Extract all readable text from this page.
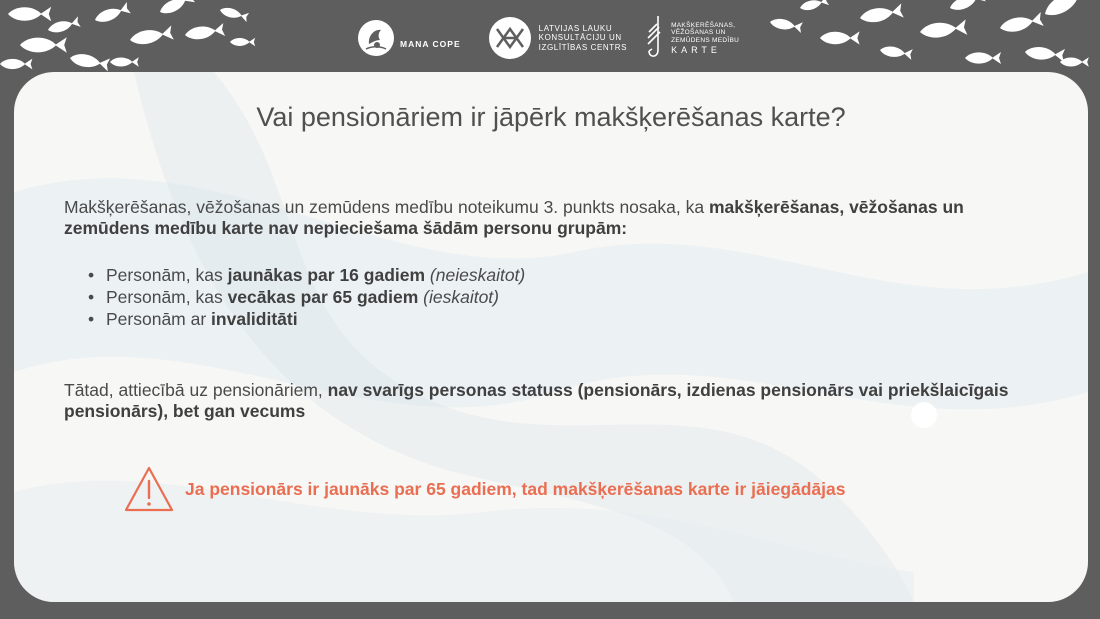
MANA COPE
LATVIJAS LAUKU
KONSULTĀCIJU UN
IZGLĪTĪBAS CENTRS
MAKŠĶERĒŠANAS,
VĒŽOŠANAS UN
ZEMŪDENS MEDĪBU
KARTE
Vai pensionāriem ir jāpērk makšķerēšanas karte?

Makšķerēšanas, vēžošanas un zemūdens medību noteikumu 3. punkts nosaka, ka makšķerēšanas, vēžošanas un zemūdens medību karte nav nepieciešama šādām personu grupām:

• Personām, kas jaunākas par 16 gadiem (neieskaitot)
• Personām, kas vecākas par 65 gadiem (ieskaitot)
• Personām ar invaliditāti

Tātad, attiecībā uz pensionāriem, nav svarīgs personas statuss (pensionārs, izdienas pensionārs vai priekšlaicīgais pensionārs), bet gan vecums

Ja pensionārs ir jaunāks par 65 gadiem, tad makšķerēšanas karte ir jāiegādājas
